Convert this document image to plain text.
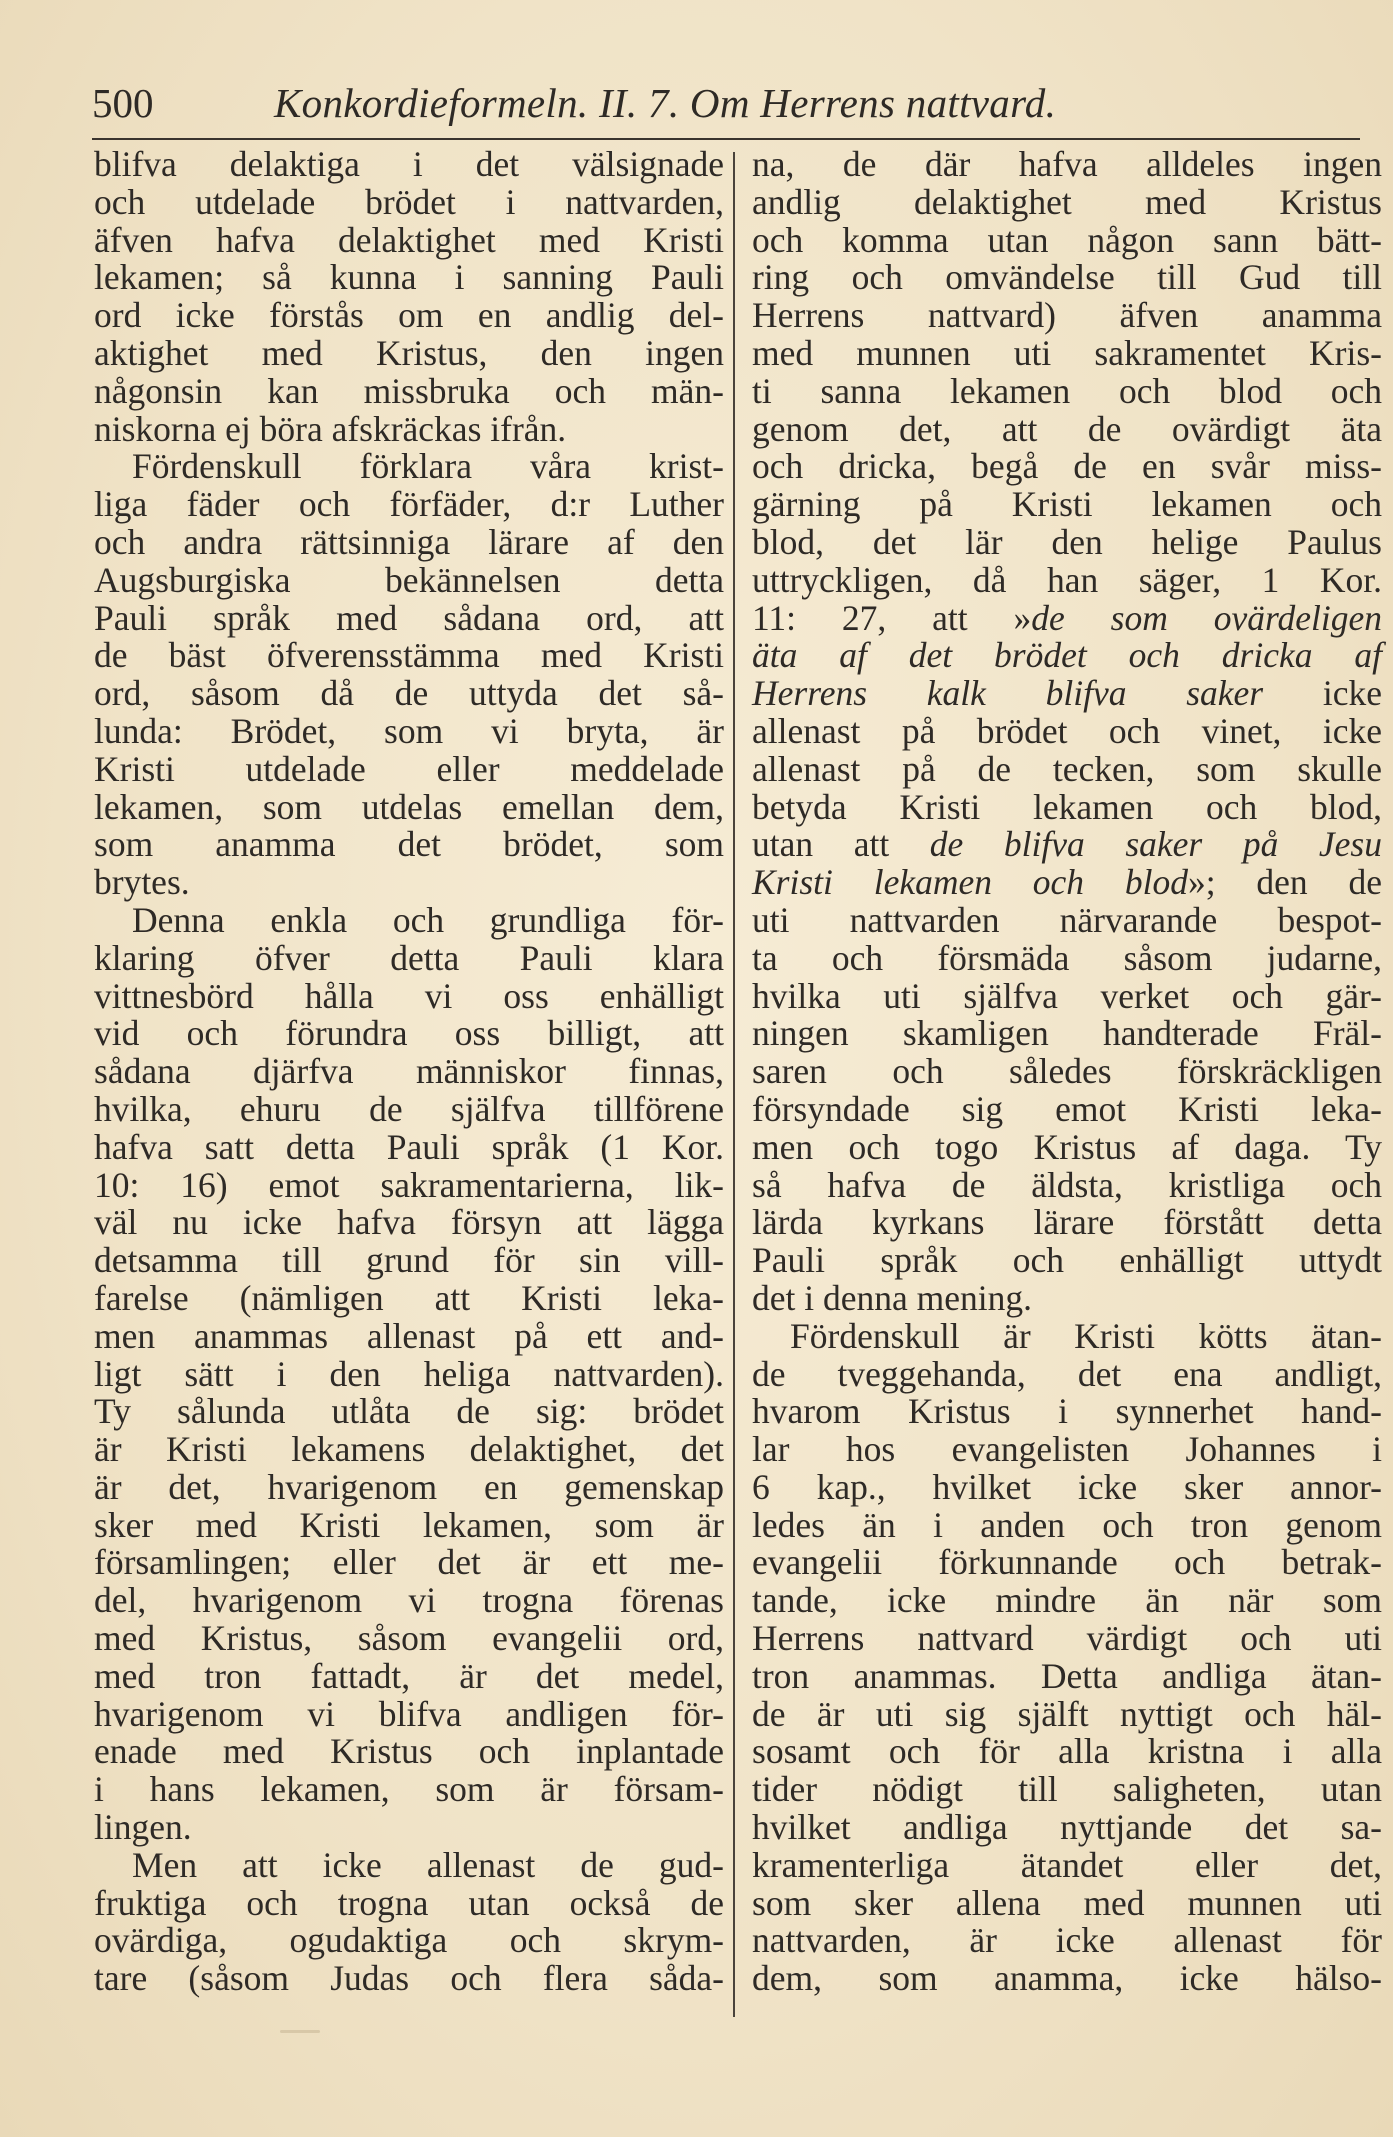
500	Konkordieformeln. II. 7. Om Herrens nattvard.
blifva delaktiga i det välsignade
och utdelade brödet i nattvarden,
äfven hafva delaktighet med Kristi
lekamen; så kunna i sanning Pauli
ord icke förstås om en andlig del-
aktighet med Kristus, den ingen
någonsin kan missbruka och män-
niskorna ej böra afskräckas ifrån.
Fördenskull förklara våra krist-
liga fäder och förfäder, d:r Luther
och andra rättsinniga lärare af den
Augsburgiska bekännelsen detta
Pauli språk med sådana ord, att
de bäst öfverensstämma med Kristi
ord, såsom då de uttyda det så-
lunda: Brödet, som vi bryta, är
Kristi utdelade eller meddelade
lekamen, som utdelas emellan dem,
som anamma det brödet, som
brytes.
Denna enkla och grundliga för-
klaring öfver detta Pauli klara
vittnesbörd hålla vi oss enhälligt
vid och förundra oss billigt, att
sådana djärfva människor finnas,
hvilka, ehuru de själfva tillförene
hafva satt detta Pauli språk (1 Kor.
10: 16) emot sakramentarierna, lik-
väl nu icke hafva försyn att lägga
detsamma till grund för sin vill-
farelse (nämligen att Kristi leka-
men anammas allenast på ett and-
ligt sätt i den heliga nattvarden).
Ty sålunda utlåta de sig: brödet
är Kristi lekamens delaktighet, det
är det, hvarigenom en gemenskap
sker med Kristi lekamen, som är
församlingen; eller det är ett me-
del, hvarigenom vi trogna förenas
med Kristus, såsom evangelii ord,
med tron fattadt, är det medel,
hvarigenom vi blifva andligen för-
enade med Kristus och inplantade
i hans lekamen, som är försam-
lingen.
Men att icke allenast de gud-
fruktiga och trogna utan också de
ovärdiga, ogudaktiga och skrym-
tare (såsom Judas och flera såda-
na, de där hafva alldeles ingen
andlig delaktighet med Kristus
och komma utan någon sann bätt-
ring och omvändelse till Gud till
Herrens nattvard) äfven anamma
med munnen uti sakramentet Kris-
ti sanna lekamen och blod och
genom det, att de ovärdigt äta
och dricka, begå de en svår miss-
gärning på Kristi lekamen och
blod, det lär den helige Paulus
uttryckligen, då han säger, 1 Kor.
11: 27, att »de som ovärdeligen
äta af det brödet och dricka af
Herrens kalk blifva saker icke
allenast på brödet och vinet, icke
allenast på de tecken, som skulle
betyda Kristi lekamen och blod,
utan att de blifva saker på Jesu
Kristi lekamen och blod»; den de
uti nattvarden närvarande bespot-
ta och försmäda såsom judarne,
hvilka uti själfva verket och gär-
ningen skamligen handterade Fräl-
saren och således förskräckligen
försyndade sig emot Kristi leka-
men och togo Kristus af daga. Ty
så hafva de äldsta, kristliga och
lärda kyrkans lärare förstått detta
Pauli språk och enhälligt uttydt
det i denna mening.
Fördenskull är Kristi kötts ätan-
de tveggehanda, det ena andligt,
hvarom Kristus i synnerhet hand-
lar hos evangelisten Johannes i
6 kap., hvilket icke sker annor-
ledes än i anden och tron genom
evangelii förkunnande och betrak-
tande, icke mindre än när som
Herrens nattvard värdigt och uti
tron anammas. Detta andliga ätan-
de är uti sig själft nyttigt och häl-
sosamt och för alla kristna i alla
tider nödigt till saligheten, utan
hvilket andliga nyttjande det sa-
kramenterliga ätandet eller det,
som sker allena med munnen uti
nattvarden, är icke allenast för
dem, som anamma, icke hälso-
